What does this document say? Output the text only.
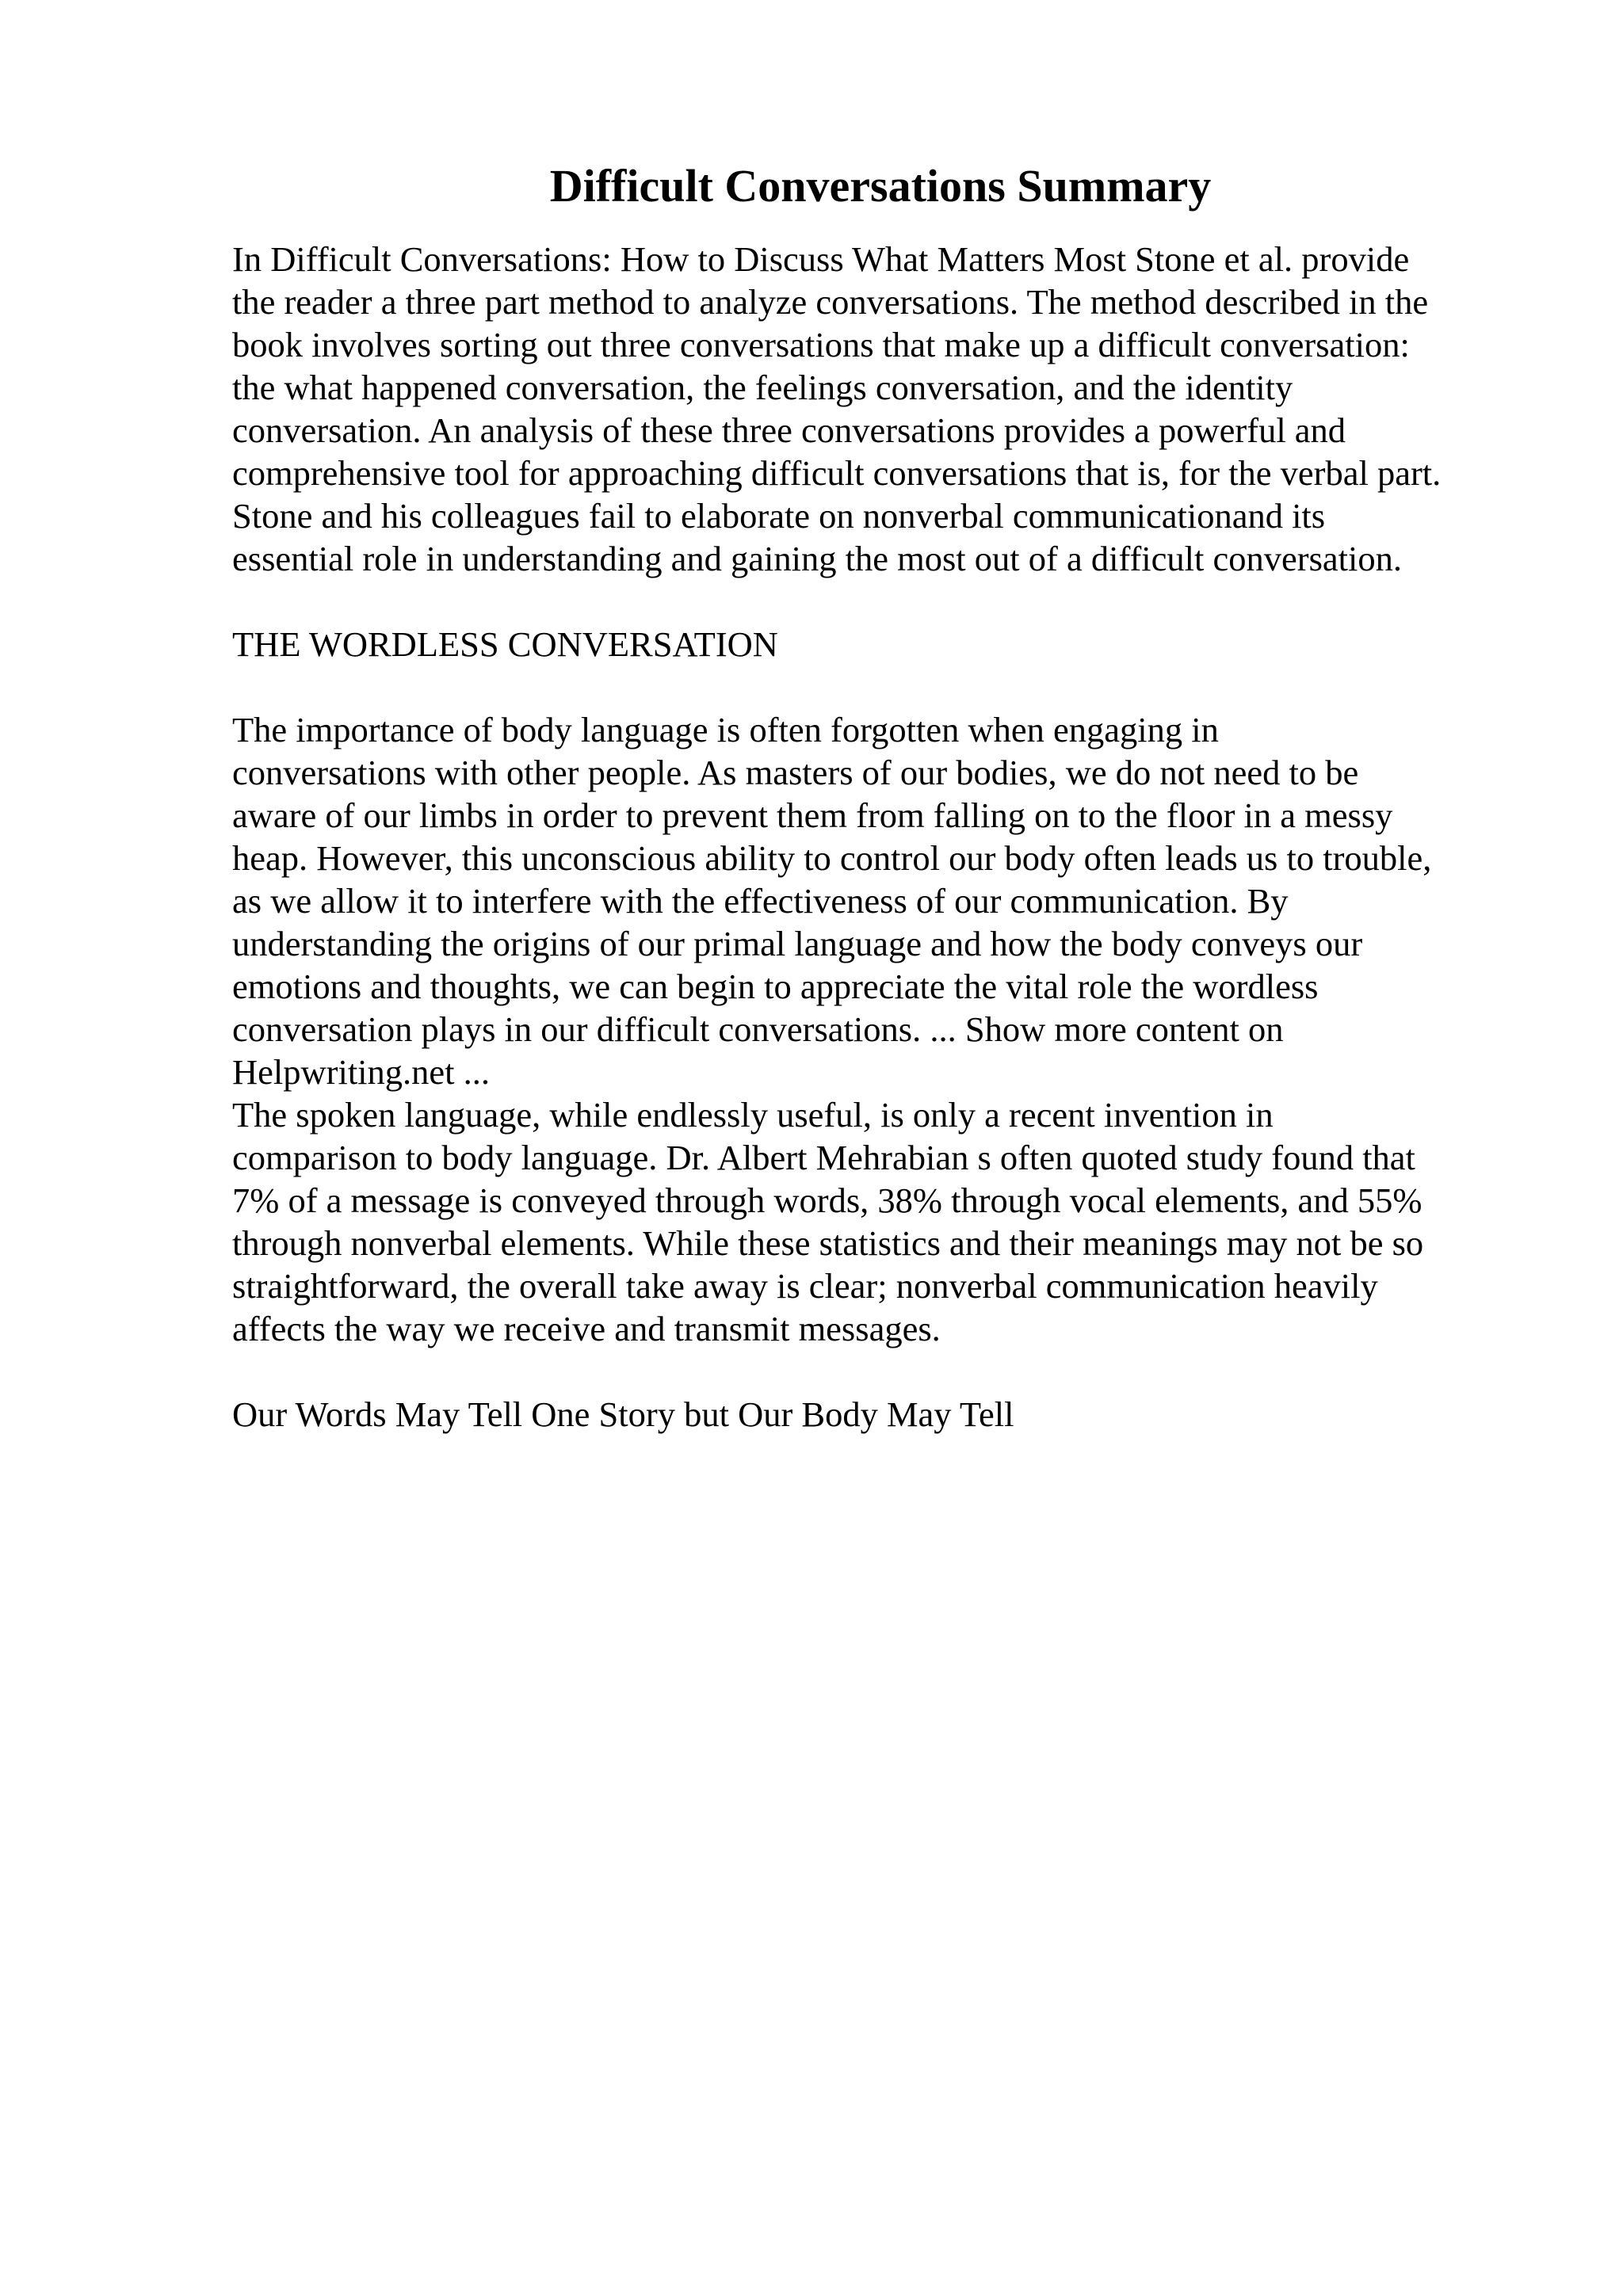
Difficult Conversations Summary

In Difficult Conversations: How to Discuss What Matters Most Stone et al. provide
the reader a three part method to analyze conversations. The method described in the
book involves sorting out three conversations that make up a difficult conversation:
the what happened conversation, the feelings conversation, and the identity
conversation. An analysis of these three conversations provides a powerful and
comprehensive tool for approaching difficult conversations that is, for the verbal part.
Stone and his colleagues fail to elaborate on nonverbal communicationand its
essential role in understanding and gaining the most out of a difficult conversation.

THE WORDLESS CONVERSATION

The importance of body language is often forgotten when engaging in
conversations with other people. As masters of our bodies, we do not need to be
aware of our limbs in order to prevent them from falling on to the floor in a messy
heap. However, this unconscious ability to control our body often leads us to trouble,
as we allow it to interfere with the effectiveness of our communication. By
understanding the origins of our primal language and how the body conveys our
emotions and thoughts, we can begin to appreciate the vital role the wordless
conversation plays in our difficult conversations. ... Show more content on
Helpwriting.net ...

The spoken language, while endlessly useful, is only a recent invention in
comparison to body language. Dr. Albert Mehrabian s often quoted study found that
7% of a message is conveyed through words, 38% through vocal elements, and 55%
through nonverbal elements. While these statistics and their meanings may not be so
straightforward, the overall take away is clear; nonverbal communication heavily
affects the way we receive and transmit messages.

Our Words May Tell One Story but Our Body May Tell
